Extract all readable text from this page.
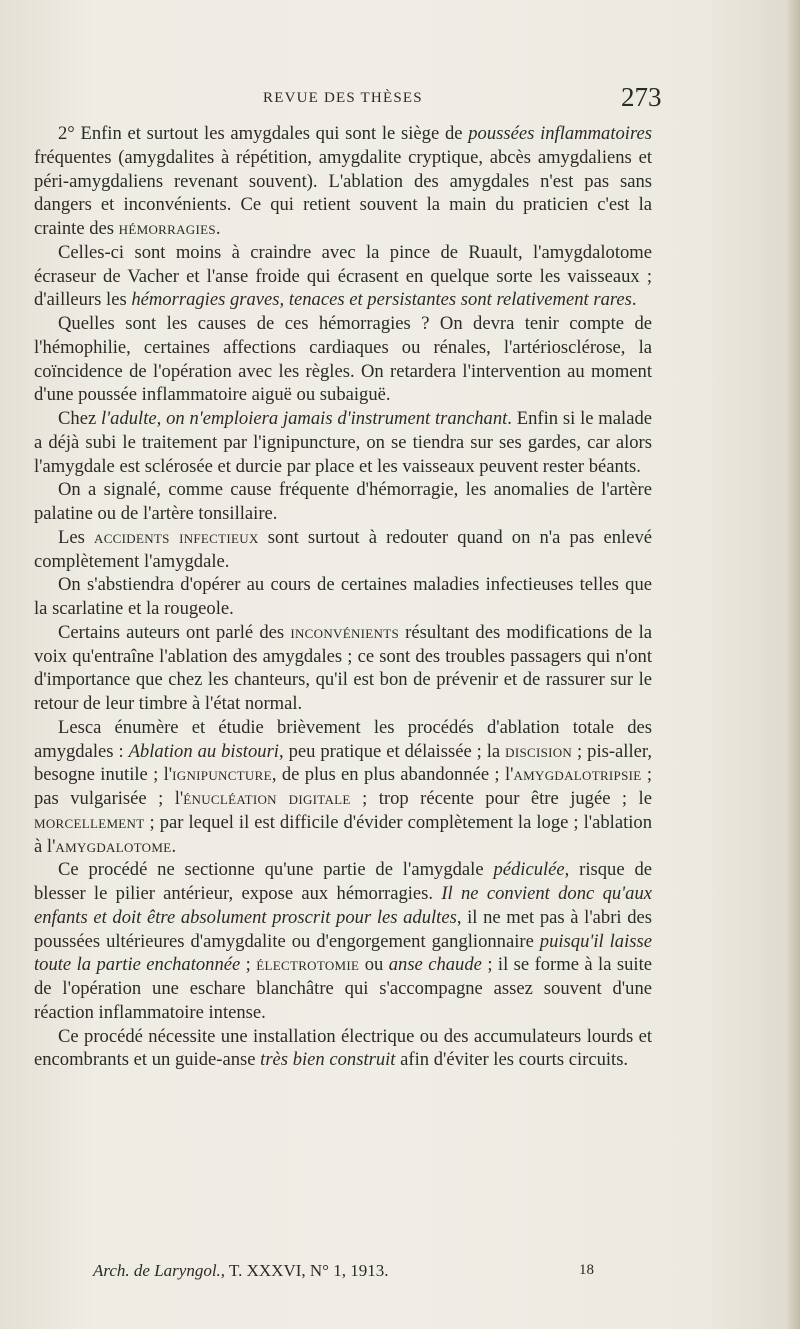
REVUE DES THÈSES	273

2° Enfin et surtout les amygdales qui sont le siège de poussées inflammatoires fréquentes (amygdalites à répétition, amygdalite cryptique, abcès amygdaliens et péri-amygdaliens revenant souvent). L'ablation des amygdales n'est pas sans dangers et inconvénients. Ce qui retient souvent la main du praticien c'est la crainte des hémorragies.

Celles-ci sont moins à craindre avec la pince de Ruault, l'amygdalotome écraseur de Vacher et l'anse froide qui écrasent en quelque sorte les vaisseaux ; d'ailleurs les hémorragies graves, tenaces et persistantes sont relativement rares.

Quelles sont les causes de ces hémorragies ? On devra tenir compte de l'hémophilie, certaines affections cardiaques ou rénales, l'artériosclérose, la coïncidence de l'opération avec les règles. On retardera l'intervention au moment d'une poussée inflammatoire aiguë ou subaiguë.

Chez l'adulte, on n'emploiera jamais d'instrument tranchant. Enfin si le malade a déjà subi le traitement par l'ignipuncture, on se tiendra sur ses gardes, car alors l'amygdale est sclérosée et durcie par place et les vaisseaux peuvent rester béants.

On a signalé, comme cause fréquente d'hémorragie, les anomalies de l'artère palatine ou de l'artère tonsillaire.

Les accidents infectieux sont surtout à redouter quand on n'a pas enlevé complètement l'amygdale.

On s'abstiendra d'opérer au cours de certaines maladies infectieuses telles que la scarlatine et la rougeole.

Certains auteurs ont parlé des inconvénients résultant des modifications de la voix qu'entraîne l'ablation des amygdales ; ce sont des troubles passagers qui n'ont d'importance que chez les chanteurs, qu'il est bon de prévenir et de rassurer sur le retour de leur timbre à l'état normal.

Lesca énumère et étudie brièvement les procédés d'ablation totale des amygdales : Ablation au bistouri, peu pratique et délaissée ; la discision ; pis-aller, besogne inutile ; l'ignipuncture, de plus en plus abandonnée ; l'amygdalotripsie ; pas vulgarisée ; l'énucléation digitale ; trop récente pour être jugée ; le morcellement ; par lequel il est difficile d'évider complètement la loge ; l'ablation à l'amygdalotome.

Ce procédé ne sectionne qu'une partie de l'amygdale pédiculée, risque de blesser le pilier antérieur, expose aux hémorragies. Il ne convient donc qu'aux enfants et doit être absolument proscrit pour les adultes, il ne met pas à l'abri des poussées ultérieures d'amygdalite ou d'engorgement ganglionnaire puisqu'il laisse toute la partie enchatonnée ; électrotomie ou anse chaude ; il se forme à la suite de l'opération une eschare blanchâtre qui s'accompagne assez souvent d'une réaction inflammatoire intense.

Ce procédé nécessite une installation électrique ou des accumulateurs lourds et encombrants et un guide-anse très bien construit afin d'éviter les courts circuits.

Arch. de Laryngol., T. XXXVI, N° 1, 1913.	18
